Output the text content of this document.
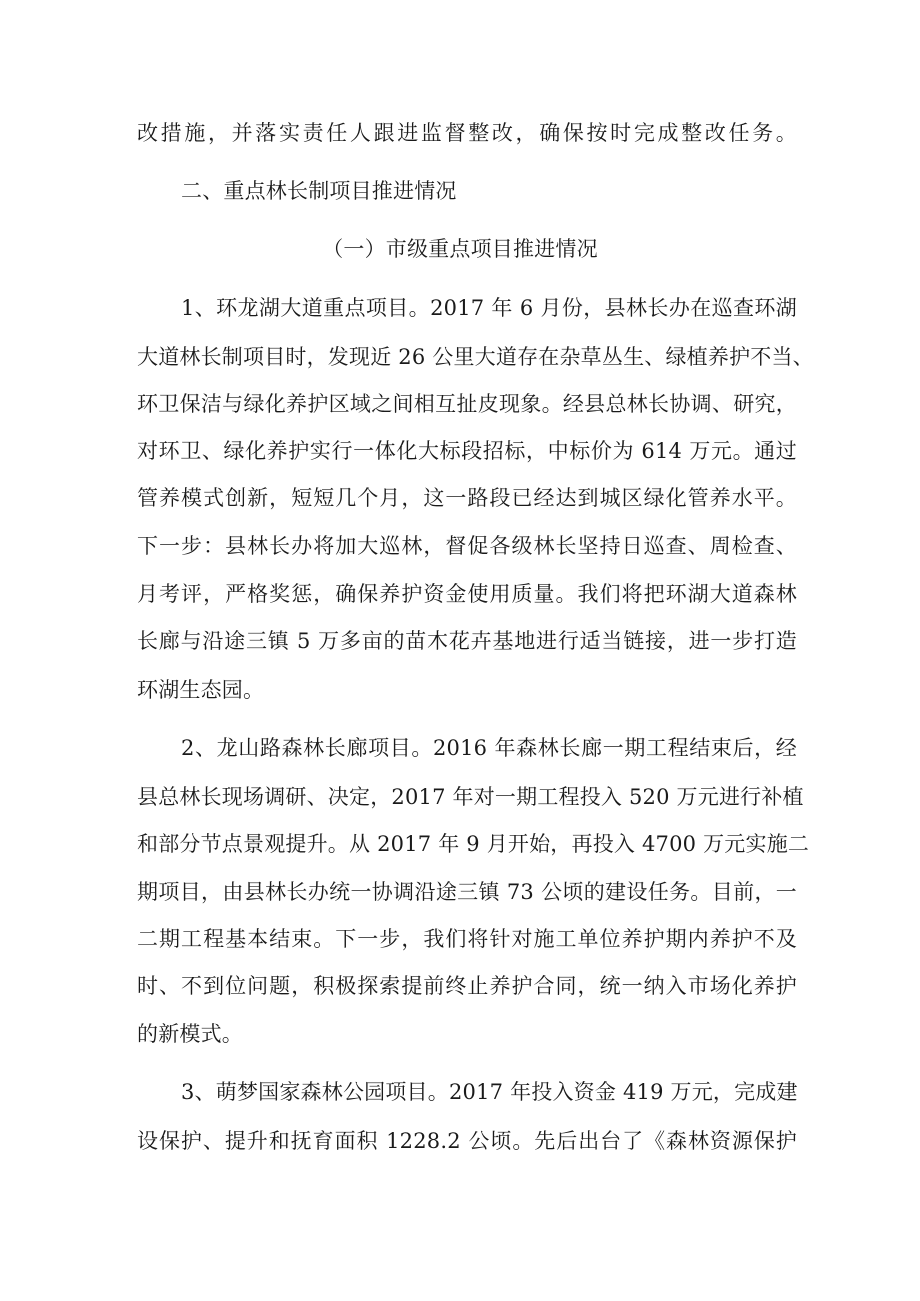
改措施，并落实责任人跟进监督整改，确保按时完成整改任务。
二、重点林长制项目推进情况
（一）市级重点项目推进情况
1、环龙湖大道重点项目。2017 年 6 月份，县林长办在巡查环湖
大道林长制项目时，发现近 26 公里大道存在杂草丛生、绿植养护不当、
环卫保洁与绿化养护区域之间相互扯皮现象。经县总林长协调、研究，
对环卫、绿化养护实行一体化大标段招标，中标价为 614 万元。通过
管养模式创新，短短几个月，这一路段已经达到城区绿化管养水平。
下一步：县林长办将加大巡林，督促各级林长坚持日巡查、周检查、
月考评，严格奖惩，确保养护资金使用质量。我们将把环湖大道森林
长廊与沿途三镇 5 万多亩的苗木花卉基地进行适当链接，进一步打造
环湖生态园。
2、龙山路森林长廊项目。2016 年森林长廊一期工程结束后，经
县总林长现场调研、决定，2017 年对一期工程投入 520 万元进行补植
和部分节点景观提升。从 2017 年 9 月开始，再投入 4700 万元实施二
期项目，由县林长办统一协调沿途三镇 73 公顷的建设任务。目前，一
二期工程基本结束。下一步，我们将针对施工单位养护期内养护不及
时、不到位问题，积极探索提前终止养护合同，统一纳入市场化养护
的新模式。
3、萌梦国家森林公园项目。2017 年投入资金 419 万元，完成建
设保护、提升和抚育面积 1228.2 公顷。先后出台了《森林资源保护
